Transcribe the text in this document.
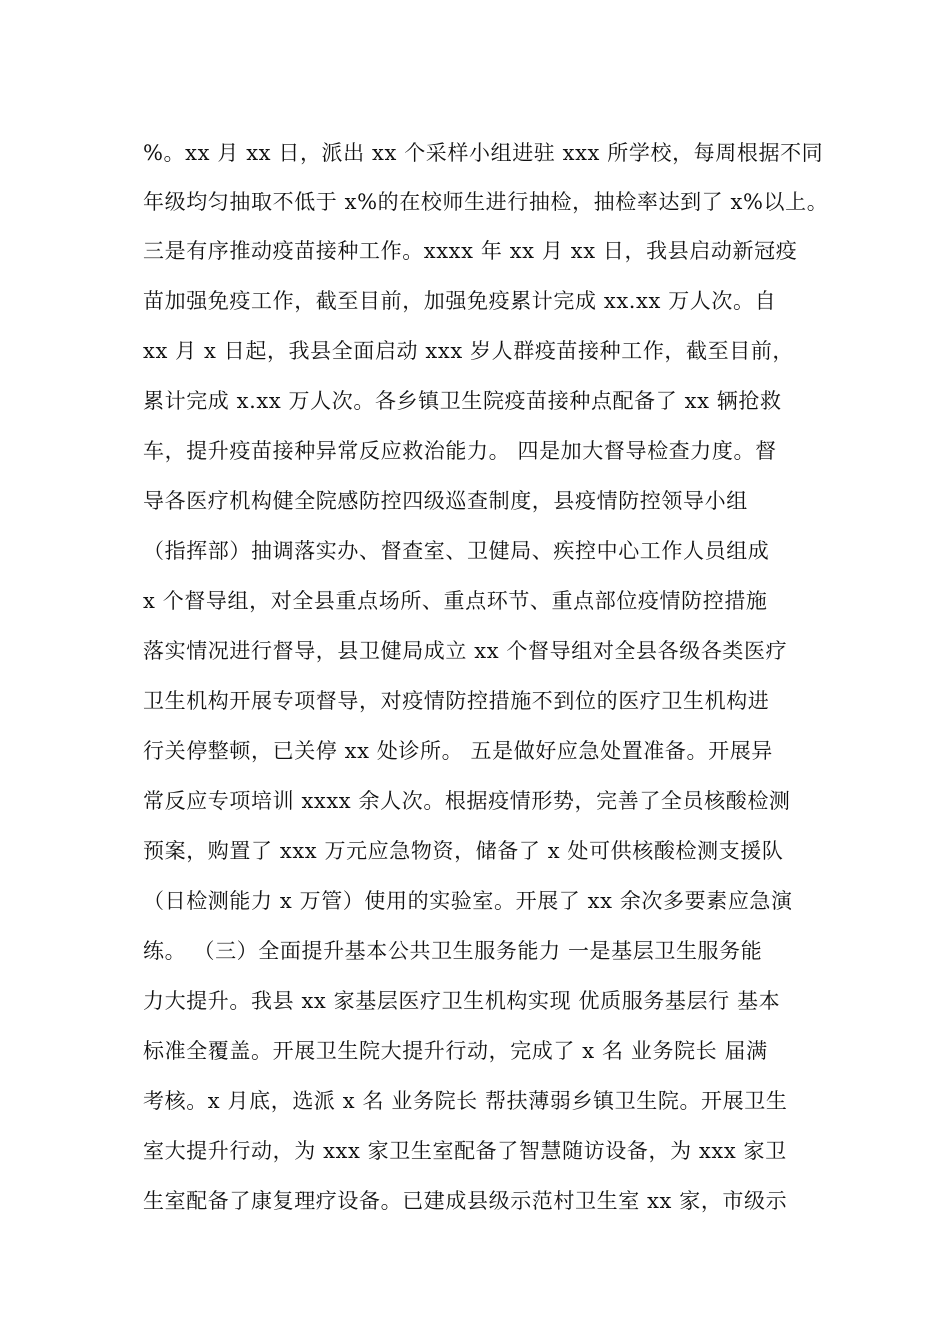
%。xx 月 xx 日，派出 xx 个采样小组进驻 xxx 所学校，每周根据不同
年级均匀抽取不低于 x%的在校师生进行抽检，抽检率达到了 x%以上。
三是有序推动疫苗接种工作。xxxx 年 xx 月 xx 日，我县启动新冠疫
苗加强免疫工作，截至目前，加强免疫累计完成 xx.xx 万人次。自
xx 月 x 日起，我县全面启动 xxx 岁人群疫苗接种工作，截至目前，
累计完成 x.xx 万人次。各乡镇卫生院疫苗接种点配备了 xx 辆抢救
车，提升疫苗接种异常反应救治能力。 四是加大督导检查力度。督
导各医疗机构健全院感防控四级巡查制度，县疫情防控领导小组
（指挥部）抽调落实办、督查室、卫健局、疾控中心工作人员组成
x 个督导组，对全县重点场所、重点环节、重点部位疫情防控措施
落实情况进行督导，县卫健局成立 xx 个督导组对全县各级各类医疗
卫生机构开展专项督导，对疫情防控措施不到位的医疗卫生机构进
行关停整顿，已关停 xx 处诊所。 五是做好应急处置准备。开展异
常反应专项培训 xxxx 余人次。根据疫情形势，完善了全员核酸检测
预案，购置了 xxx 万元应急物资，储备了 x 处可供核酸检测支援队
（日检测能力 x 万管）使用的实验室。开展了 xx 余次多要素应急演
练。 （三）全面提升基本公共卫生服务能力 一是基层卫生服务能
力大提升。我县 xx 家基层医疗卫生机构实现 优质服务基层行 基本
标准全覆盖。开展卫生院大提升行动，完成了 x 名 业务院长 届满
考核。x 月底，选派 x 名 业务院长 帮扶薄弱乡镇卫生院。开展卫生
室大提升行动，为 xxx 家卫生室配备了智慧随访设备，为 xxx 家卫
生室配备了康复理疗设备。已建成县级示范村卫生室 xx 家，市级示
